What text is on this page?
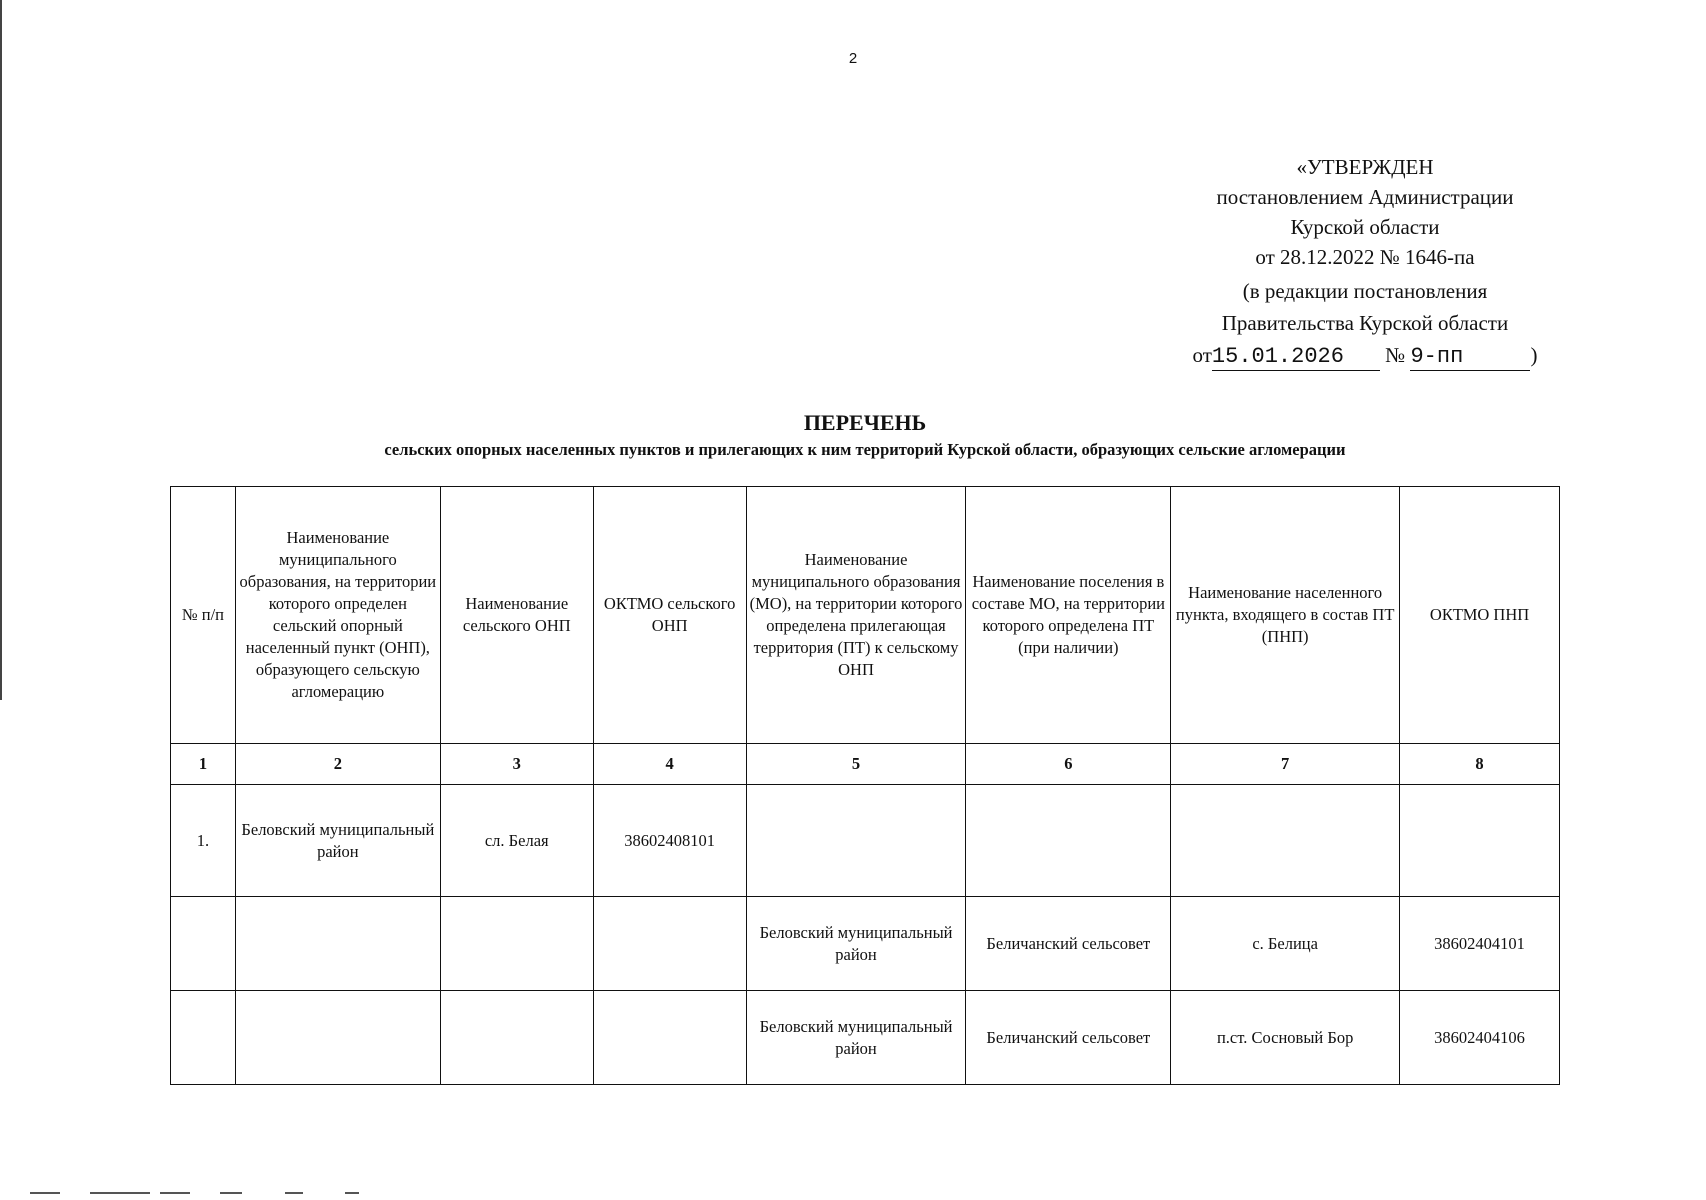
2
«УТВЕРЖДЕН
постановлением Администрации
Курской области
от 28.12.2022 № 1646-па
(в редакции постановления
Правительства Курской области
от15.01.2026 № 9-пп	)
ПЕРЕЧЕНЬ
сельских опорных населенных пунктов и прилегающих к ним территорий Курской области, образующих сельские агломерации
№ п/п	Наименование муниципального образования, на территории которого определен сельский опорный населенный пункт (ОНП), образующего сельскую агломерацию	Наименование сельского ОНП	ОКТМО сельского ОНП	Наименование муниципального образования (МО), на территории которого определена прилегающая территория (ПТ) к сельскому ОНП	Наименование поселения в составе МО, на территории которого определена ПТ (при наличии)	Наименование населенного пункта, входящего в состав ПТ (ПНП)	ОКТМО ПНП
1	2	3	4	5	6	7	8
1.	Беловский муниципальный район	сл. Белая	38602408101				
				Беловский муниципальный район	Беличанский сельсовет	с. Белица	38602404101
				Беловский муниципальный район	Беличанский сельсовет	п.ст. Сосновый Бор	38602404106
